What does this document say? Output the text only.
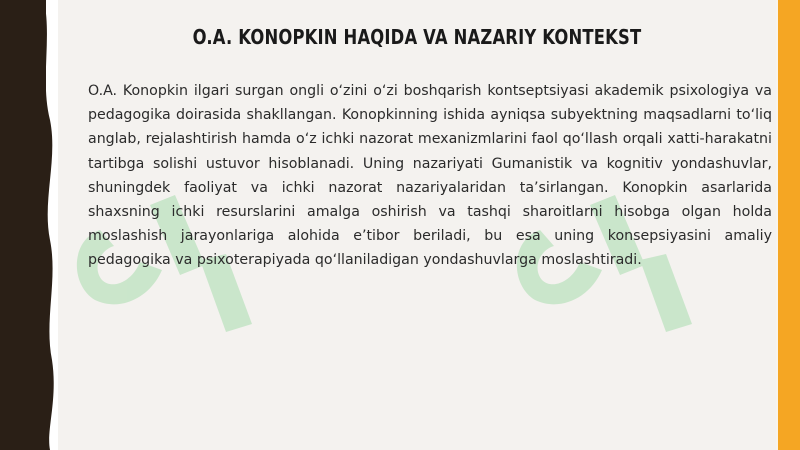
O.A. KONOPKIN HAQIDA VA NAZARIY KONTEKST

O.A. Konopkin ilgari surgan ongli o‘zini o‘zi boshqarish kontseptsiyasi akademik psixologiya va pedagogika doirasida shakllangan. Konopkinning ishida ayniqsa subyektning maqsadlarni to‘liq anglab, rejalashtirish hamda o‘z ichki nazorat mexanizmlarini faol qo‘llash orqali xatti-harakatni tartibga solishi ustuvor hisoblanadi. Uning nazariyati Gumanistik va kognitiv yondashuvlar, shuningdek faoliyat va ichki nazorat nazariyalaridan ta’sirlangan. Konopkin asarlarida shaxsning ichki resurslarini amalga oshirish va tashqi sharoitlarni hisobga olgan holda moslashish jarayonlariga alohida e’tibor beriladi, bu esa uning konsepsiyasini amaliy pedagogika va psixoterapiyada qo‘llaniladigan yondashuvlarga moslashtiradi.
